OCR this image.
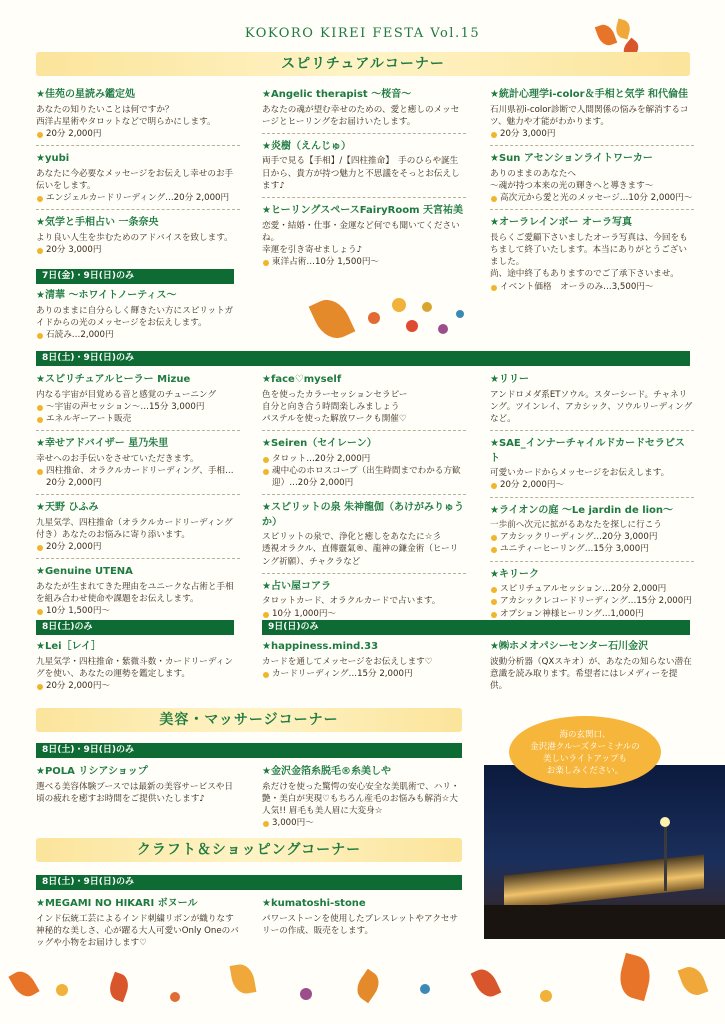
KOKORO KIREI FESTA Vol.15
スピリチュアルコーナー
★ 佳苑の星読み鑑定処
あなたの知りたいことは何ですか？
西洋占星術やタロットなどで明らかにします。
20分 2,000円
★ yubi
あなたに今必要なメッセージをお伝えし幸せのお手伝いをします。
エンジェルカードリーディング…20分 2,000円
★ 気学と手相占い 一条奈央
より良い人生を歩むためのアドバイスを致します。
20分 3,000円
★ Angelic therapist ～桜音～
あなたの魂が望む幸せのための、愛と癒しのメッセージとヒーリングをお届けいたします。
★ 炎樹（えんじゅ）
両手で見る【手相】/【四柱推命】　手のひらや誕生日から、貴方が持つ魅力と不思議をそっとお伝えします♪
★ ヒーリングスペースFairyRoom 天宮祐美
恋愛・結婚・仕事・金運など何でも聞いてくださいね。
幸運を引き寄せましょう♪
東洋占術…10分 1,500円～
★ 統計心理学i-color＆手相と気学 和代倫佳
石川県初i-color診断で人間関係の悩みを解消するコツ、魅力や才能がわかります。
20分 3,000円
★ Sun アセンションライトワーカー
ありのままのあなたへ
～魂が持つ本来の光の輝きへと導きます～
高次元から愛と光のメッセージ…10分 2,000円～
★ オーラレインボー オーラ写真
長らくご愛顧下さいましたオーラ写真は、今回をもちまして終了いたします。本当にありがとうございました。
尚、途中終了もありますのでご了承下さいませ。
イベント価格　オーラのみ…3,500円～
7日(金)・9日(日)のみ
★ 清華 ～ホワイトノーティス～
ありのままに自分らしく輝きたい方にスピリットガイドからの光のメッセージをお伝えします。
石読み…2,000円
8日(土)・9日(日)のみ
★ スピリチュアルヒーラー Mizue
内なる宇宙が目覚める音と感覚のチューニング
～宇宙の声セッション～…15分 3,000円
エネルギーアート販売
★ 幸せアドバイザー 星乃朱里
幸せへのお手伝いをさせていただきます。
四柱推命、オラクルカードリーディング、手相…20分 2,000円
★ 天野 ひふみ
九星気学、四柱推命（オラクルカードリーディング付き）あなたのお悩みに寄り添います。
20分 2,000円
★ Genuine UTENA
あなたが生まれてきた理由をユニークな占術と手相を組み合わせ使命や課題をお伝えします。
10分 1,500円～
★ face♡myself
色を使ったカラーセッションセラピー
自分と向き合う時間楽しみましょう
パステルを使った解放ワークも開催♡
★ Seiren（セイレーン）
タロット…20分 2,000円
魂中心のホロスコープ（出生時間までわかる方歓迎）…20分 2,000円
★ スピリットの泉 朱神龍伽（あけがみりゅうか）
スピリットの泉で、浄化と癒しをあなたに☆彡
透視オラクル、直傳靈氣®、龍神の鎌金術（ヒーリング祈願）、チャクラなど
★ 占い屋コアラ
タロットカード、オラクルカードで占います。
10分 1,000円～
★ リリー
アンドロメダ系ETソウル。スターシード。チャネリング。ツインレイ、アカシック、ソウルリーディングなど。
★ SAE_インナーチャイルドカードセラピスト
可愛いカードからメッセージをお伝えします。
20分 2,000円～
★ ライオンの庭 ～Le jardin de lion～
一歩前へ次元に拡がるあなたを探しに行こう
アカシックリーディング…20分 3,000円
ユニティーヒーリング…15分 3,000円
★ キリーク
スピリチュアルセッション…20分 2,000円
アカシックレコードリーディング…15分 2,000円
オプション神様ヒーリング…1,000円
8日(土)のみ	9日(日)のみ
★ Lei［レイ］
九星気学・四柱推命・紫微斗数・カードリーディングを使い、あなたの運勢を鑑定します。
20分 2,000円～
★ happiness.mind.33
カードを通してメッセージをお伝えします♡
カードリーディング…15分 2,000円
★ ㈱ホメオパシーセンター石川金沢
波動分析器（QXスキオ）が、あなたの知らない潜在意識を読み取ります。希望者にはレメディーを提供。
美容・マッサージコーナー
8日(土)・9日(日)のみ
★ POLA リシアショップ
選べる美容体験ブースでは最新の美容サービスや日頃の疲れを癒すお時間をご提供いたします♪
★ 金沢金箔糸脱毛®糸美しや
糸だけを使った驚愕の安心安全な美肌術で、ハリ・艶・美白が実現♡もちろん産毛のお悩みも解消☆大人気!! 眉毛も美人眉に大変身☆
3,000円～
クラフト＆ショッピングコーナー
8日(土)・9日(日)のみ
★ MEGAMI NO HIKARI ボヌール
インド伝統工芸によるインド刺繍リボンが織りなす神秘的な美しさ、心が躍る大人可愛いOnly Oneのバッグや小物をお届けします♡
★ kumatoshi-stone
パワーストーンを使用したブレスレットやアクセサリーの作成、販売をします。
海の玄関口、
金沢港クルーズターミナルの
美しいライトアップも
お楽しみください。
